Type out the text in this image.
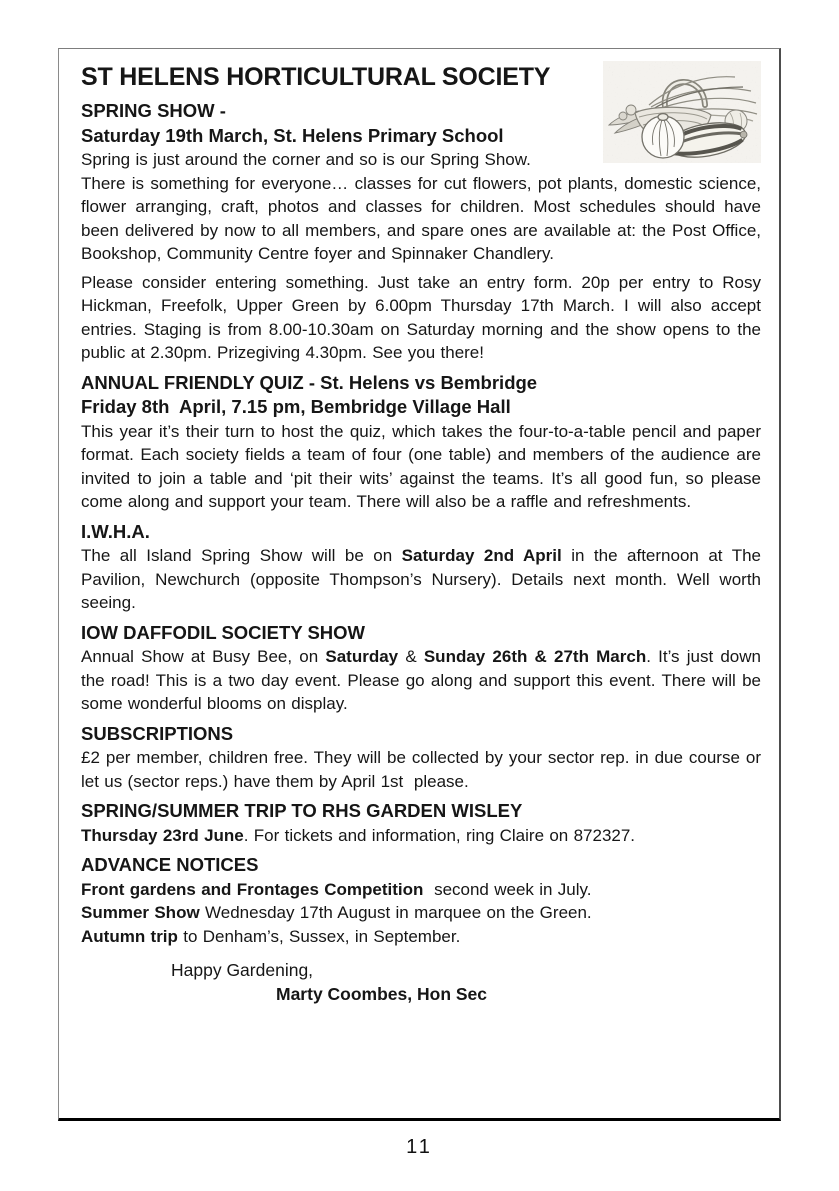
ST HELENS HORTICULTURAL SOCIETY
SPRING SHOW -
Saturday 19th March, St. Helens Primary School

Spring is just around the corner and so is our Spring Show.

There is something for everyone… classes for cut flowers, pot plants, domestic science, flower arranging, craft, photos and classes for children. Most schedules should have been delivered by now to all members, and spare ones are available at: the Post Office, Bookshop, Community Centre foyer and Spinnaker Chandlery.

Please consider entering something. Just take an entry form. 20p per entry to Rosy Hickman, Freefolk, Upper Green by 6.00pm Thursday 17th March. I will also accept entries. Staging is from 8.00-10.30am on Saturday morning and the show opens to the public at 2.30pm. Prizegiving 4.30pm. See you there!

ANNUAL FRIENDLY QUIZ - St. Helens vs Bembridge
Friday 8th  April, 7.15 pm, Bembridge Village Hall

This year it’s their turn to host the quiz, which takes the four-to-a-table pencil and paper format. Each society fields a team of four (one table) and members of the audience are invited to join a table and ‘pit their wits’ against the teams. It’s all good fun, so please come along and support your team. There will also be a raffle and refreshments.

I.W.H.A.

The all Island Spring Show will be on Saturday 2nd April in the afternoon at The Pavilion, Newchurch (opposite Thompson’s Nursery). Details next month. Well worth seeing.

IOW DAFFODIL SOCIETY SHOW

Annual Show at Busy Bee, on Saturday & Sunday 26th & 27th March. It’s just down the road! This is a two day event. Please go along and support this event. There will be some wonderful blooms on display.

SUBSCRIPTIONS

£2 per member, children free. They will be collected by your sector rep. in due course or let us (sector reps.) have them by April 1st  please.

SPRING/SUMMER TRIP TO RHS GARDEN WISLEY

Thursday 23rd June. For tickets and information, ring Claire on 872327.

ADVANCE NOTICES

Front gardens and Frontages Competition  second week in July.

Summer Show Wednesday 17th August in marquee on the Green.

Autumn trip to Denham’s, Sussex, in September.

Happy Gardening,

Marty Coombes, Hon Sec

11
